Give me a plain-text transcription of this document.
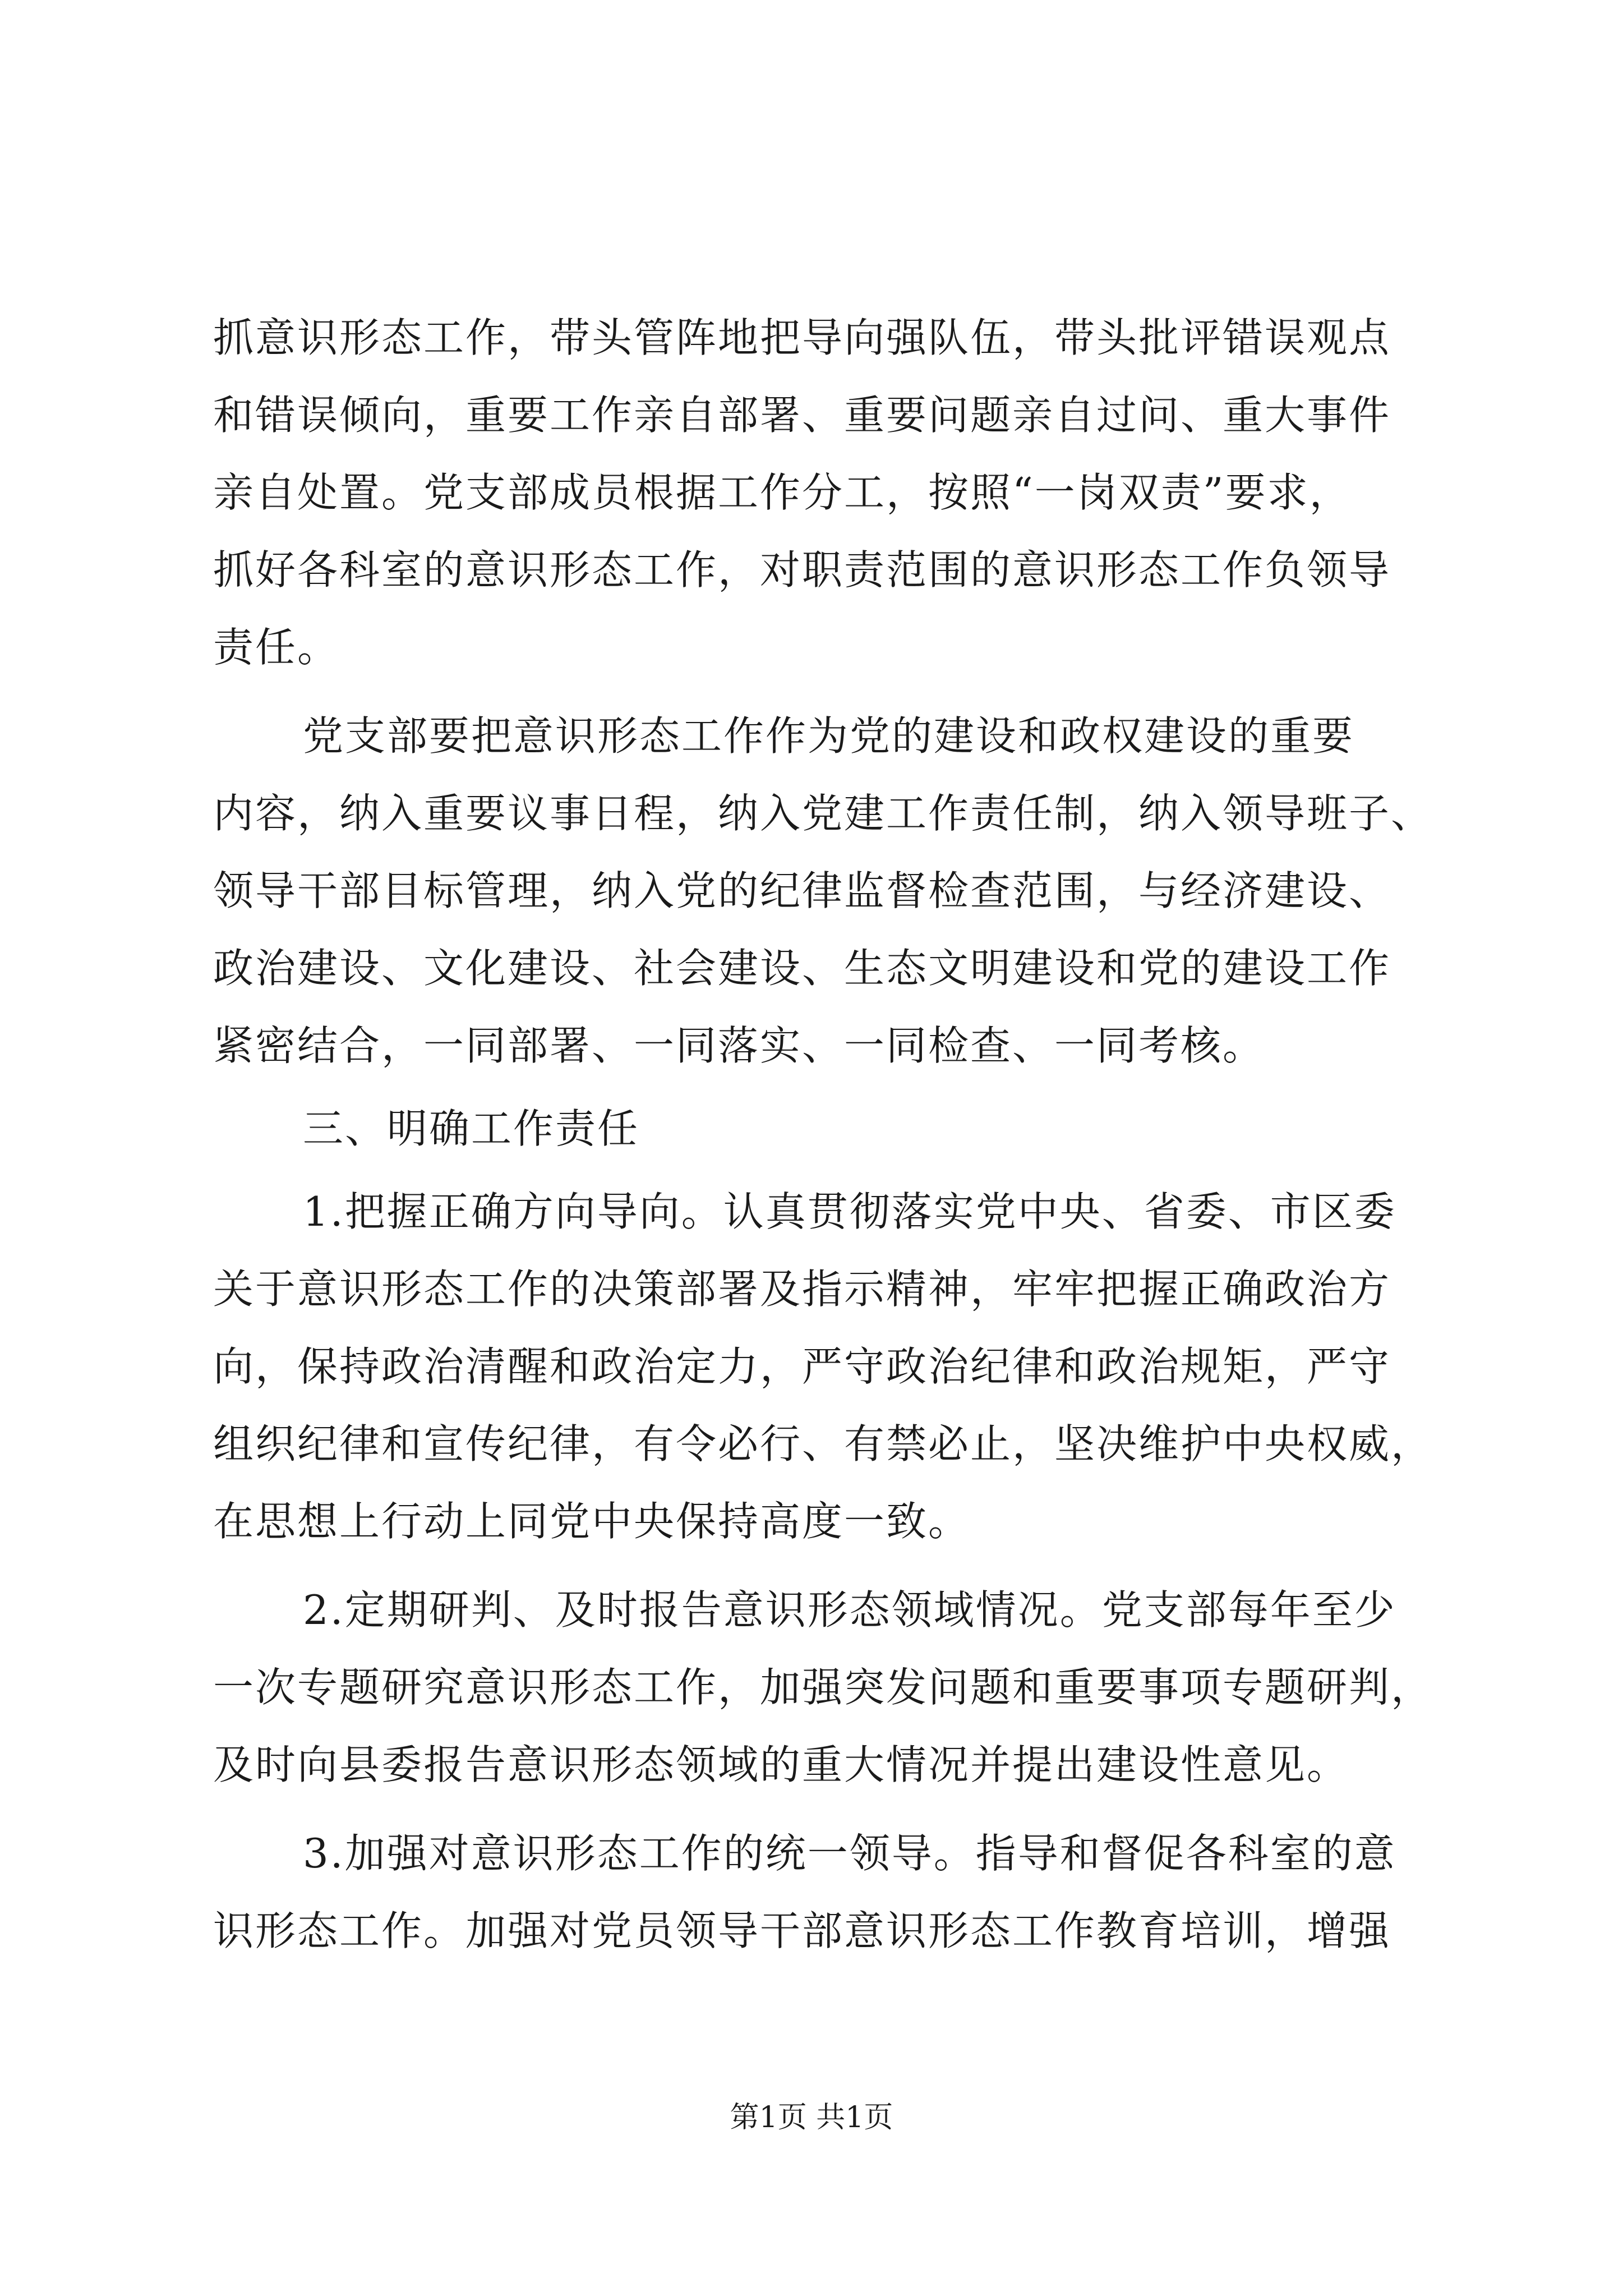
抓意识形态工作，带头管阵地把导向强队伍，带头批评错误观点
和错误倾向，重要工作亲自部署、重要问题亲自过问、重大事件
亲自处置。党支部成员根据工作分工，按照“一岗双责”要求，
抓好各科室的意识形态工作，对职责范围的意识形态工作负领导
责任。
党支部要把意识形态工作作为党的建设和政权建设的重要
内容，纳入重要议事日程，纳入党建工作责任制，纳入领导班子、
领导干部目标管理，纳入党的纪律监督检查范围，与经济建设、
政治建设、文化建设、社会建设、生态文明建设和党的建设工作
紧密结合，一同部署、一同落实、一同检查、一同考核。
三、明确工作责任
1.把握正确方向导向。认真贯彻落实党中央、省委、市区委
关于意识形态工作的决策部署及指示精神，牢牢把握正确政治方
向，保持政治清醒和政治定力，严守政治纪律和政治规矩，严守
组织纪律和宣传纪律，有令必行、有禁必止，坚决维护中央权威，
在思想上行动上同党中央保持高度一致。
2.定期研判、及时报告意识形态领域情况。党支部每年至少
一次专题研究意识形态工作，加强突发问题和重要事项专题研判，
及时向县委报告意识形态领域的重大情况并提出建设性意见。
3.加强对意识形态工作的统一领导。指导和督促各科室的意
识形态工作。加强对党员领导干部意识形态工作教育培训，增强
第1页 共1页
